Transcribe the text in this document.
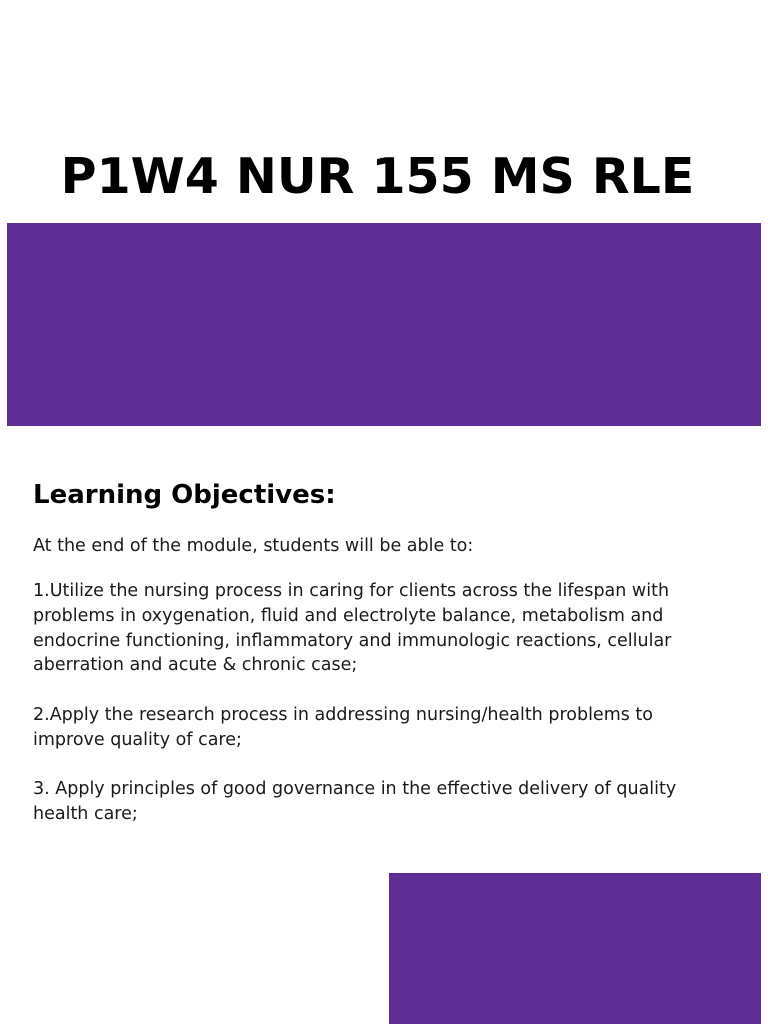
P1W4 NUR 155 MS RLE
Learning Objectives:

At the end of the module, students will be able to:

1.Utilize the nursing process in caring for clients across the lifespan with problems in oxygenation, fluid and electrolyte balance, metabolism and endocrine functioning, inflammatory and immunologic reactions, cellular aberration and acute & chronic case;
2.Apply the research process in addressing nursing/health problems to improve quality of care;
3. Apply principles of good governance in the effective delivery of quality health care;
